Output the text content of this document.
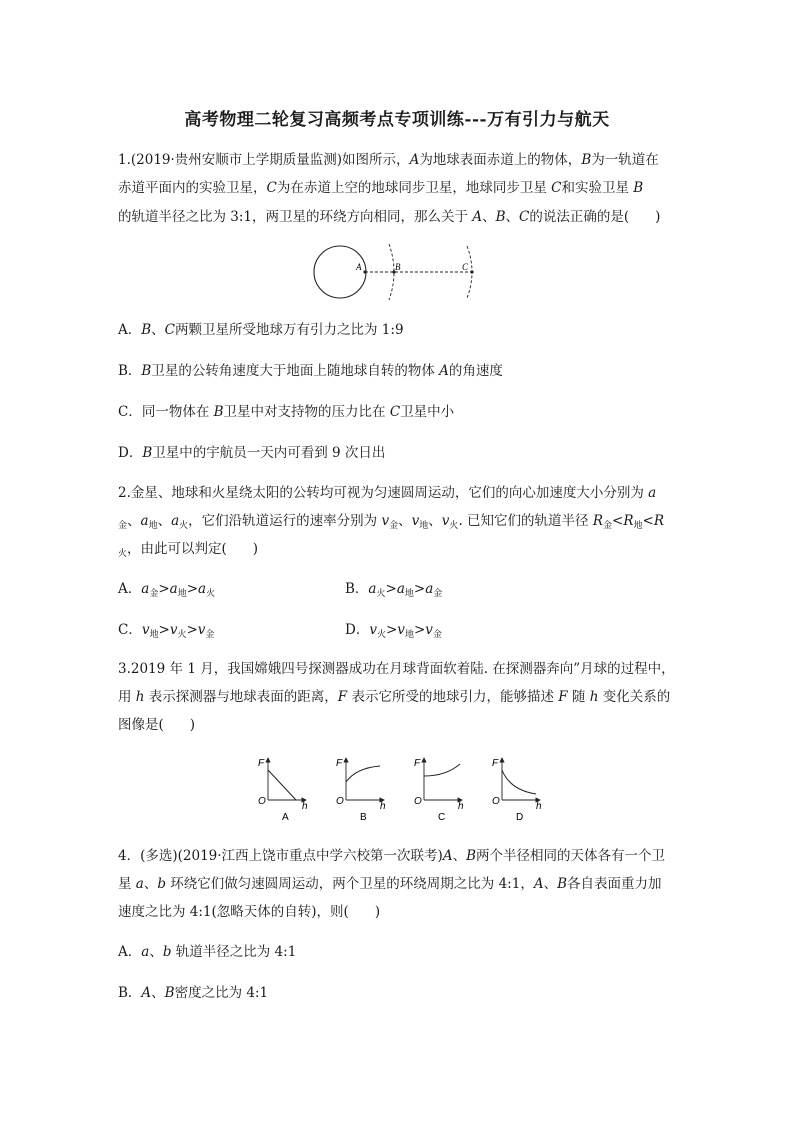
高考物理二轮复习高频考点专项训练---万有引力与航天
1.(2019·贵州安顺市上学期质量监测)如图所示，A为地球表面赤道上的物体，B为一轨道在
赤道平面内的实验卫星，C为在赤道上空的地球同步卫星，地球同步卫星 C和实验卫星 B
的轨道半径之比为 3:1，两卫星的环绕方向相同，那么关于 A、B、C的说法正确的是( )
A	B	C
A．B、C两颗卫星所受地球万有引力之比为 1:9
B．B卫星的公转角速度大于地面上随地球自转的物体 A的角速度
C．同一物体在 B卫星中对支持物的压力比在 C卫星中小
D．B卫星中的宇航员一天内可看到 9 次日出
2.金星、地球和火星绕太阳的公转均可视为匀速圆周运动，它们的向心加速度大小分别为 a
$_金$、$a_地$、$a_火$，它们沿轨道运行的速率分别为 $v_金$、$v_地$、$v_火$. 已知它们的轨道半径 $R_金<R_地<R$
$_火$，由此可以判定( )
A．$a_金>a_地>a_火$	B．$a_火>a_地>a_金$
C．$v_地>v_火>v_金$	D．$v_火>v_地>v_金$
3.2019 年 1 月，我国嫦娥四号探测器成功在月球背面软着陆. 在探测器奔向”月球的过程中，
用 h 表示探测器与地球表面的距离，F 表示它所受的地球引力，能够描述 F 随 h 变化关系的
图像是( )
F
O	h
A
F
O	h
B
F
O	h
C
F
O	h
D
4．(多选)(2019·江西上饶市重点中学六校第一次联考)A、B两个半径相同的天体各有一个卫
星 a、b 环绕它们做匀速圆周运动，两个卫星的环绕周期之比为 4:1，A、B各自表面重力加
速度之比为 4:1(忽略天体的自转)，则( )
A．a、b 轨道半径之比为 4:1
B．A、B密度之比为 4:1
